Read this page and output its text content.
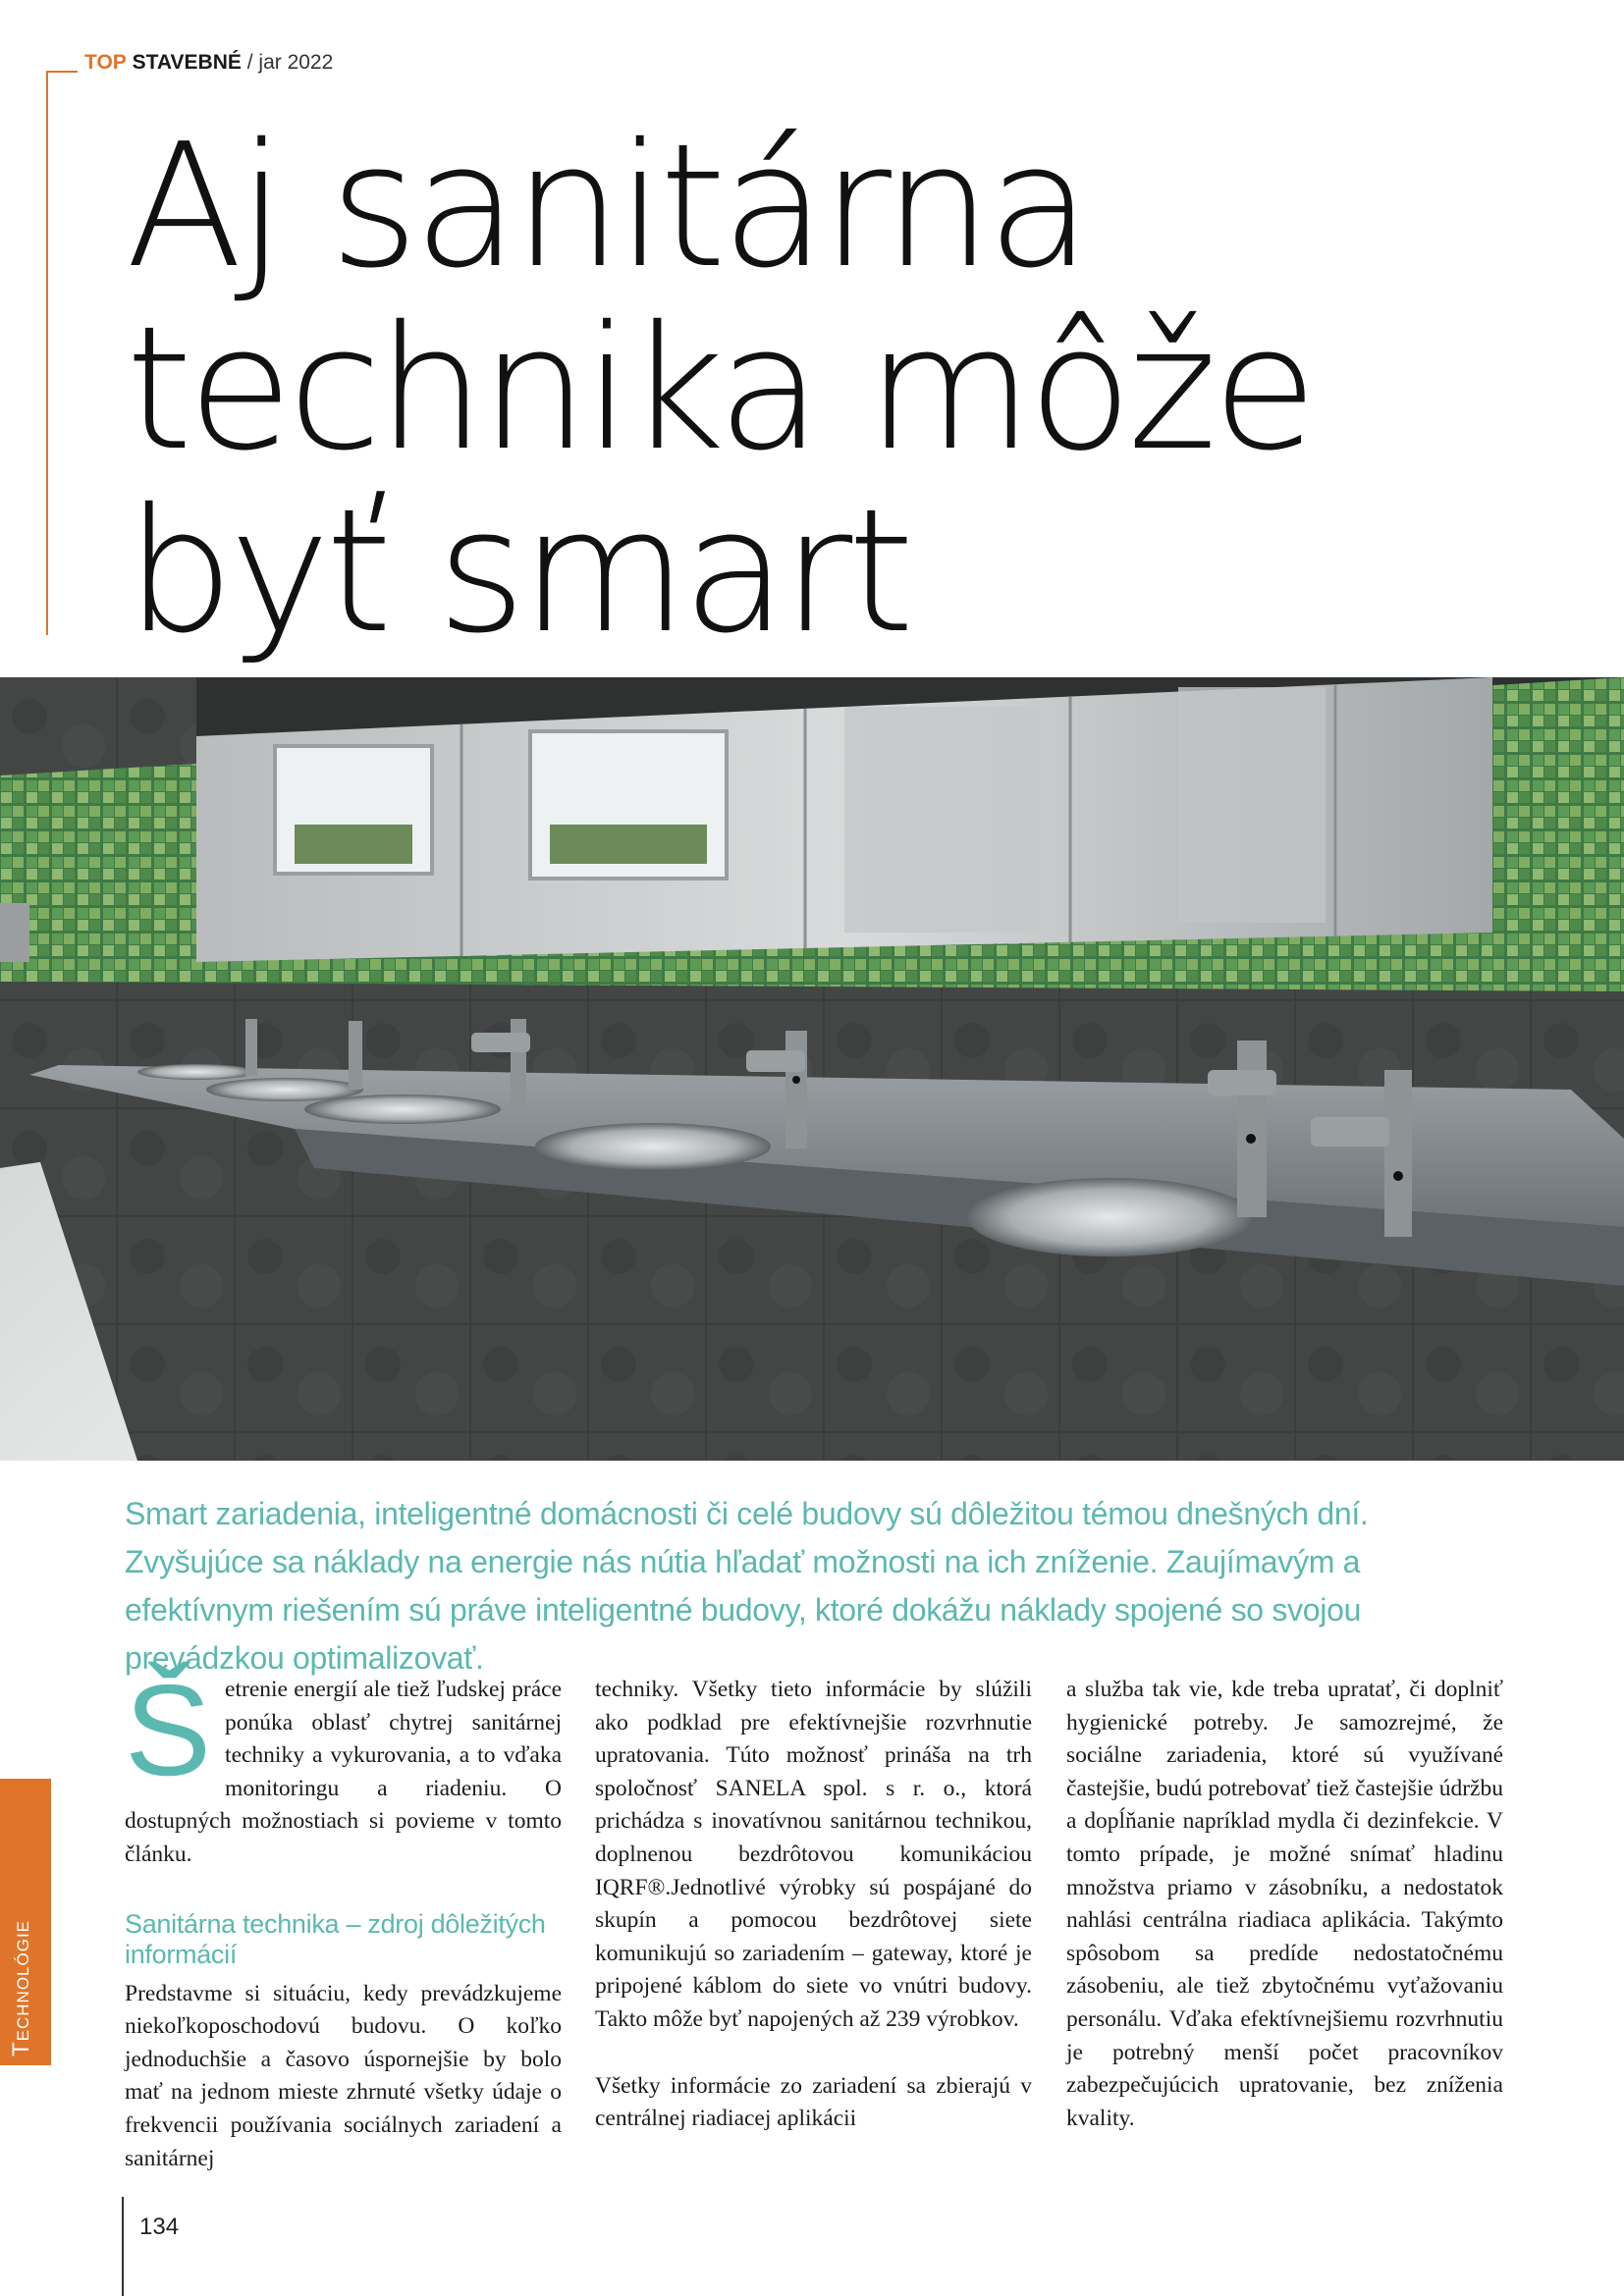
TOP STAVEBNÉ / jar 2022
Aj sanitárna
technika môže
byť smart

Smart zariadenia, inteligentné domácnosti či celé budovy sú dôležitou témou dnešných dní. Zvyšujúce sa náklady na energie nás nútia hľadať možnosti na ich zníženie. Zaujímavým a efektívnym riešením sú práve inteligentné budovy, ktoré dokážu náklady spojené so svojou prevádzkou optimalizovať.

Šetrenie energií ale tiež ľudskej práce ponúka oblasť chytrej sanitárnej techniky a vykurovania, a to vďaka monitoringu a riadeniu. O dostupných možnostiach si povieme v tomto článku.

Sanitárna technika – zdroj dôležitých informácií

Predstavme si situáciu, kedy prevádzkujeme niekoľkoposchodovú budovu. O koľko jednoduchšie a časovo úspornejšie by bolo mať na jednom mieste zhrnuté všetky údaje o frekvencii používania sociálnych zariadení a sanitárnej

techniky. Všetky tieto informácie by slúžili ako podklad pre efektívnejšie rozvrhnutie upratovania. Túto možnosť prináša na trh spoločnosť SANELA spol. s r. o., ktorá prichádza s inovatívnou sanitárnou technikou, doplnenou bezdrôtovou komunikáciou IQRF®.Jednotlivé výrobky sú pospájané do skupín a pomocou bezdrôtovej siete komunikujú so zariadením – gateway, ktoré je pripojené káblom do siete vo vnútri budovy. Takto môže byť napojených až 239 výrobkov.

Všetky informácie zo zariadení sa zbierajú v centrálnej riadiacej aplikácii

a služba tak vie, kde treba upratať, či doplniť hygienické potreby. Je samozrejmé, že sociálne zariadenia, ktoré sú využívané častejšie, budú potrebovať tiež častejšie údržbu a dopĺňanie napríklad mydla či dezinfekcie. V tomto prípade, je možné snímať hladinu množstva priamo v zásobníku, a nedostatok nahlási centrálna riadiaca aplikácia. Takýmto spôsobom sa predíde nedostatočnému zásobeniu, ale tiež zbytočnému vyťažovaniu personálu. Vďaka efektívnejšiemu rozvrhnutiu je potrebný menší počet pracovníkov zabezpečujúcich upratovanie, bez zníženia kvality.

Technológie
134
